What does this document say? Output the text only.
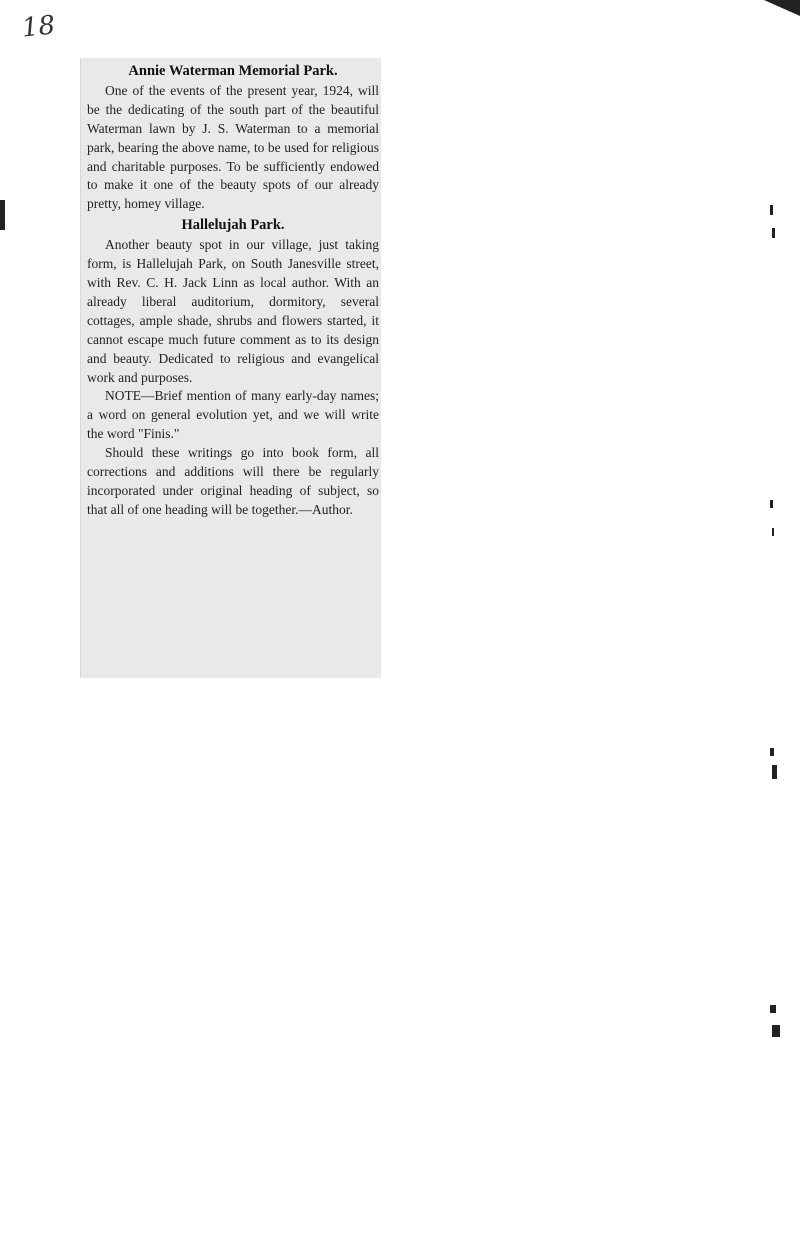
18
Annie Waterman Memorial Park.

One of the events of the present year, 1924, will be the dedicating of the south part of the beautiful Waterman lawn by J. S. Waterman to a memorial park, bearing the above name, to be used for religious and charitable purposes. To be sufficiently endowed to make it one of the beauty spots of our already pretty, homey village.

Hallelujah Park.

Another beauty spot in our village, just taking form, is Hallelujah Park, on South Janesville street, with Rev. C. H. Jack Linn as local author. With an already liberal auditorium, dormitory, several cottages, ample shade, shrubs and flowers started, it cannot escape much future comment as to its design and beauty. Dedicated to religious and evangelical work and purposes.

NOTE—Brief mention of many early-day names; a word on general evolution yet, and we will write the word "Finis."

Should these writings go into book form, all corrections and additions will there be regularly incorporated under original heading of subject, so that all of one heading will be together.—Author.
